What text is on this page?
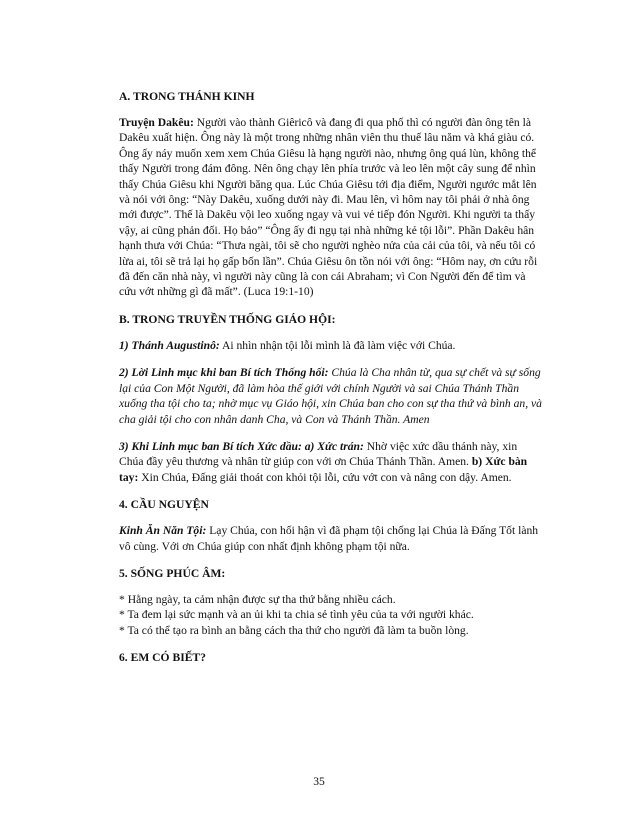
A. TRONG THÁNH KINH
Truyện Dakêu: Người vào thành Giêricô và đang đi qua phố thì có người đàn ông tên là Dakêu xuất hiện. Ông này là một trong những nhân viên thu thuế lâu năm và khá giàu có. Ông ấy náy muốn xem xem Chúa Giêsu là hạng người nào, nhưng ông quá lùn, không thể thấy Người trong đám đông. Nên ông chạy lên phía trước và leo lên một cây sung để nhìn thấy Chúa Giêsu khi Người băng qua. Lúc Chúa Giêsu tới địa điểm, Người ngước mắt lên và nói với ông: “Này Dakêu, xuống dưới này đi. Mau lên, vì hôm nay tôi phải ở nhà ông mới được”. Thế là Dakêu vội leo xuống ngay và vui vẻ tiếp đón Người. Khi người ta thấy vậy, ai cũng phản đối. Họ bảo” “Ông ấy đi ngụ tại nhà những kẻ tội lỗi”. Phần Dakêu hân hạnh thưa với Chúa: “Thưa ngài, tôi sẽ cho người nghèo nửa của cải của tôi, và nếu tôi có lừa ai, tôi sẽ trả lại họ gấp bốn lần”. Chúa Giêsu ôn tồn nói với ông: “Hôm nay, ơn cứu rỗi đã đến căn nhà này, vì người này cũng là con cái Abraham; vì Con Người đến để tìm và cứu vớt những gì đã mất”. (Luca 19:1-10)
B. TRONG TRUYỀN THỐNG GIÁO HỘI:
1) Thánh Augustinô: Ai nhìn nhận tội lỗi mình là đã làm việc với Chúa.
2) Lời Linh mục khi ban Bí tích Thống hối: Chúa là Cha nhân từ, qua sự chết và sự sống lại của Con Một Người, đã làm hòa thế giới với chính Người và sai Chúa Thánh Thần xuống tha tội cho ta; nhờ mục vụ Giáo hội, xin Chúa ban cho con sự tha thứ và bình an, và cha giải tội cho con nhân danh Cha, và Con và Thánh Thần. Amen
3) Khi Linh mục ban Bí tích Xức dầu: a) Xức trán: Nhờ việc xức dầu thánh này, xin Chúa đầy yêu thương và nhân từ giúp con với ơn Chúa Thánh Thần. Amen. b) Xức bàn tay: Xin Chúa, Đấng giải thoát con khỏi tội lỗi, cứu vớt con và nâng con dậy. Amen.
4. CẦU NGUYỆN
Kinh Ăn Năn Tội: Lạy Chúa, con hối hận vì đã phạm tội chống lại Chúa là Đấng Tốt lành vô cùng. Với ơn Chúa giúp con nhất định không phạm tội nữa.
5. SỐNG PHÚC ÂM:
* Hằng ngày, ta cảm nhận được sự tha thứ bằng nhiều cách.
* Ta đem lại sức mạnh và an ủi khi ta chia sẻ tình yêu của ta với người khác.
* Ta có thể tạo ra bình an bằng cách tha thứ cho người đã làm ta buồn lòng.
6. EM CÓ BIẾT?
35
